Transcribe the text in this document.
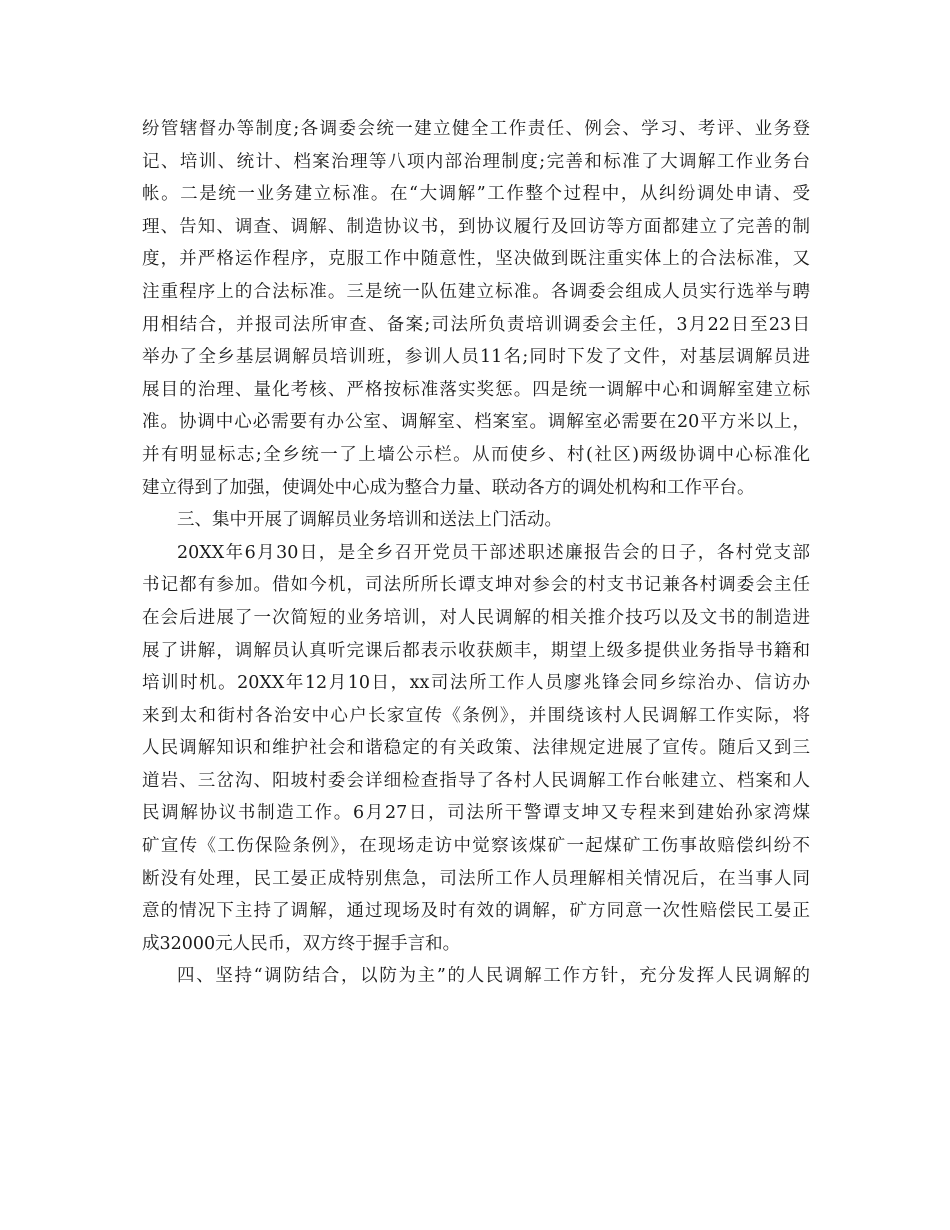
纷管辖督办等制度;各调委会统一建立健全工作责任、例会、学习、考评、业务登
记、培训、统计、档案治理等八项内部治理制度;完善和标准了大调解工作业务台
帐。二是统一业务建立标准。在“大调解”工作整个过程中，从纠纷调处申请、受
理、告知、调查、调解、制造协议书，到协议履行及回访等方面都建立了完善的制
度，并严格运作程序，克服工作中随意性，坚决做到既注重实体上的合法标准，又
注重程序上的合法标准。三是统一队伍建立标准。各调委会组成人员实行选举与聘
用相结合，并报司法所审查、备案;司法所负责培训调委会主任，3月22日至23日
举办了全乡基层调解员培训班，参训人员11名;同时下发了文件，对基层调解员进
展目的治理、量化考核、严格按标准落实奖惩。四是统一调解中心和调解室建立标
准。协调中心必需要有办公室、调解室、档案室。调解室必需要在20平方米以上，
并有明显标志;全乡统一了上墙公示栏。从而使乡、村(社区)两级协调中心标准化
建立得到了加强，使调处中心成为整合力量、联动各方的调处机构和工作平台。
三、集中开展了调解员业务培训和送法上门活动。
20XX年6月30日，是全乡召开党员干部述职述廉报告会的日子，各村党支部
书记都有参加。借如今机，司法所所长谭支坤对参会的村支书记兼各村调委会主任
在会后进展了一次简短的业务培训，对人民调解的相关推介技巧以及文书的制造进
展了讲解，调解员认真听完课后都表示收获颇丰，期望上级多提供业务指导书籍和
培训时机。20XX年12月10日，xx司法所工作人员廖兆锋会同乡综治办、信访办
来到太和街村各治安中心户长家宣传《条例》，并围绕该村人民调解工作实际，将
人民调解知识和维护社会和谐稳定的有关政策、法律规定进展了宣传。随后又到三
道岩、三岔沟、阳坡村委会详细检查指导了各村人民调解工作台帐建立、档案和人
民调解协议书制造工作。6月27日，司法所干警谭支坤又专程来到建始孙家湾煤
矿宣传《工伤保险条例》，在现场走访中觉察该煤矿一起煤矿工伤事故赔偿纠纷不
断没有处理，民工晏正成特别焦急，司法所工作人员理解相关情况后，在当事人同
意的情况下主持了调解，通过现场及时有效的调解，矿方同意一次性赔偿民工晏正
成32000元人民币，双方终于握手言和。
四、坚持“调防结合，以防为主”的人民调解工作方针，充分发挥人民调解的
